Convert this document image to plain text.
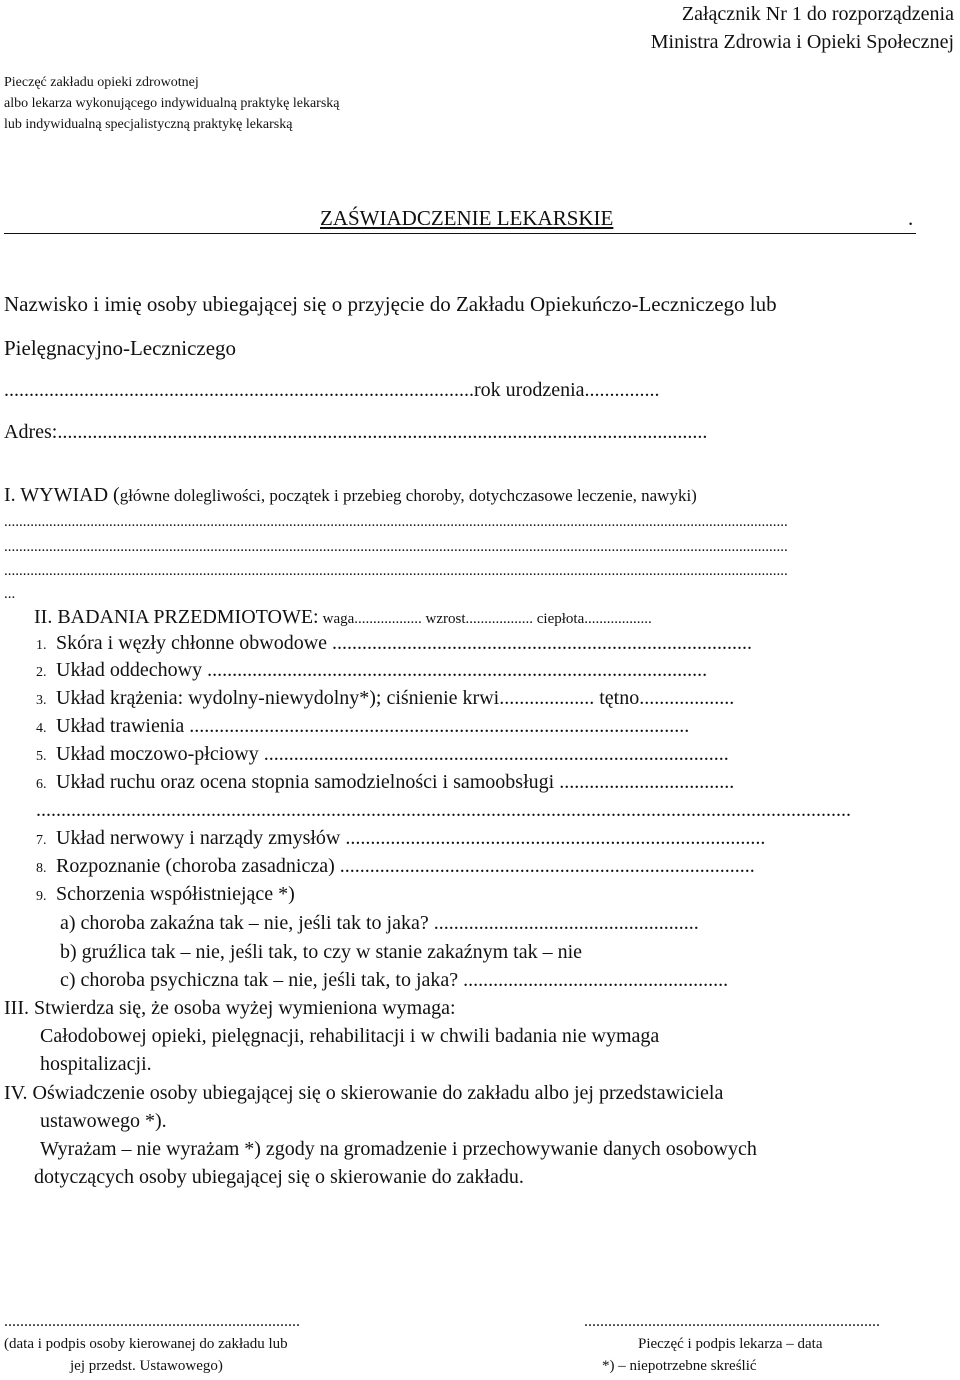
Załącznik Nr 1 do rozporządzenia
Ministra Zdrowia i Opieki Społecznej
Pieczęć zakładu opieki zdrowotnej
albo lekarza wykonującego indywidualną praktykę lekarską
lub indywidualną specjalistyczną praktykę lekarską
ZAŚWIADCZENIE LEKARSKIE	.
Nazwisko i imię osoby ubiegającej się o przyjęcie do Zakładu Opiekuńczo-Leczniczego lub
Pielęgnacyjno-Leczniczego
..............................................................................................rok urodzenia...............
Adres:..................................................................................................................................
I. WYWIAD (główne dolegliwości, początek i przebieg choroby, dotychczasowe leczenie, nawyki)
.................................................................................................................................................................................................................
.................................................................................................................................................................................................................
.................................................................................................................................................................................................................
...
II. BADANIA PRZEDMIOTOWE: waga.................. wzrost.................. ciepłota..................
1. Skóra i węzły chłonne obwodowe ....................................................................................
2. Układ oddechowy ....................................................................................................
3. Układ krążenia: wydolny-niewydolny*); ciśnienie krwi................... tętno...................
4. Układ trawienia ....................................................................................................
5. Układ moczowo-płciowy .............................................................................................
6. Układ ruchu oraz ocena stopnia samodzielności i samoobsługi ...................................
...................................................................................................................................................................
7. Układ nerwowy i narządy zmysłów ....................................................................................
8. Rozpoznanie (choroba zasadnicza) ...................................................................................
9. Schorzenia współistniejące *)
a) choroba zakaźna tak – nie, jeśli tak to jaka? .....................................................
b) gruźlica tak – nie, jeśli tak, to czy w stanie zakaźnym tak – nie
c) choroba psychiczna tak – nie, jeśli tak, to jaka? .....................................................
III. Stwierdza się, że osoba wyżej wymieniona wymaga:
Całodobowej opieki, pielęgnacji, rehabilitacji i w chwili badania nie wymaga
hospitalizacji.
IV. Oświadczenie osoby ubiegającej się o skierowanie do zakładu albo jej przedstawiciela
ustawowego *).
Wyrażam – nie wyrażam *) zgody na gromadzenie i przechowywanie danych osobowych
dotyczących osoby ubiegającej się o skierowanie do zakładu.
..........................................................................	..........................................................................
(data i podpis osoby kierowanej do zakładu lub
jej przedst. Ustawowego)
Pieczęć i podpis lekarza – data
*) – niepotrzebne skreślić
